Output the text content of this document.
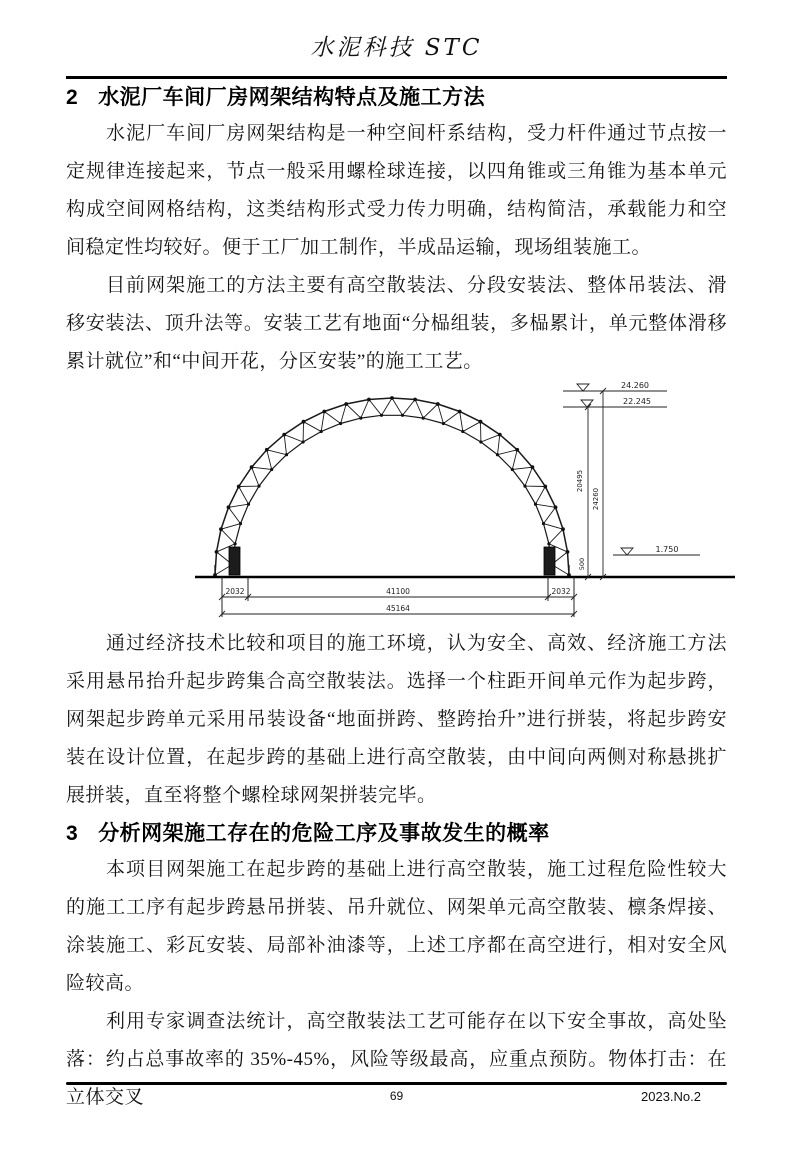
水泥科技 STC
2 水泥厂车间厂房网架结构特点及施工方法

水泥厂车间厂房网架结构是一种空间杆系结构，受力杆件通过节点按一定规律连接起来，节点一般采用螺栓球连接，以四角锥或三角锥为基本单元构成空间网格结构，这类结构形式受力传力明确，结构简洁，承载能力和空间稳定性均较好。便于工厂加工制作，半成品运输，现场组装施工。

目前网架施工的方法主要有高空散装法、分段安装法、整体吊装法、滑移安装法、顶升法等。安装工艺有地面“分榀组装，多榀累计，单元整体滑移累计就位”和“中间开花，分区安装”的施工工艺。

2032	41100	2032
45164
20495
24260
500
24.260
22.245
1.750

通过经济技术比较和项目的施工环境，认为安全、高效、经济施工方法采用悬吊抬升起步跨集合高空散装法。选择一个柱距开间单元作为起步跨，网架起步跨单元采用吊装设备“地面拼跨、整跨抬升”进行拼装，将起步跨安装在设计位置，在起步跨的基础上进行高空散装，由中间向两侧对称悬挑扩展拼装，直至将整个螺栓球网架拼装完毕。

3 分析网架施工存在的危险工序及事故发生的概率

本项目网架施工在起步跨的基础上进行高空散装，施工过程危险性较大的施工工序有起步跨悬吊拼装、吊升就位、网架单元高空散装、檩条焊接、涂装施工、彩瓦安装、局部补油漆等，上述工序都在高空进行，相对安全风险较高。

利用专家调查法统计，高空散装法工艺可能存在以下安全事故，高处坠落：约占总事故率的 35%-45%，风险等级最高，应重点预防。物体打击：在立体交叉	69	2023.No.2
